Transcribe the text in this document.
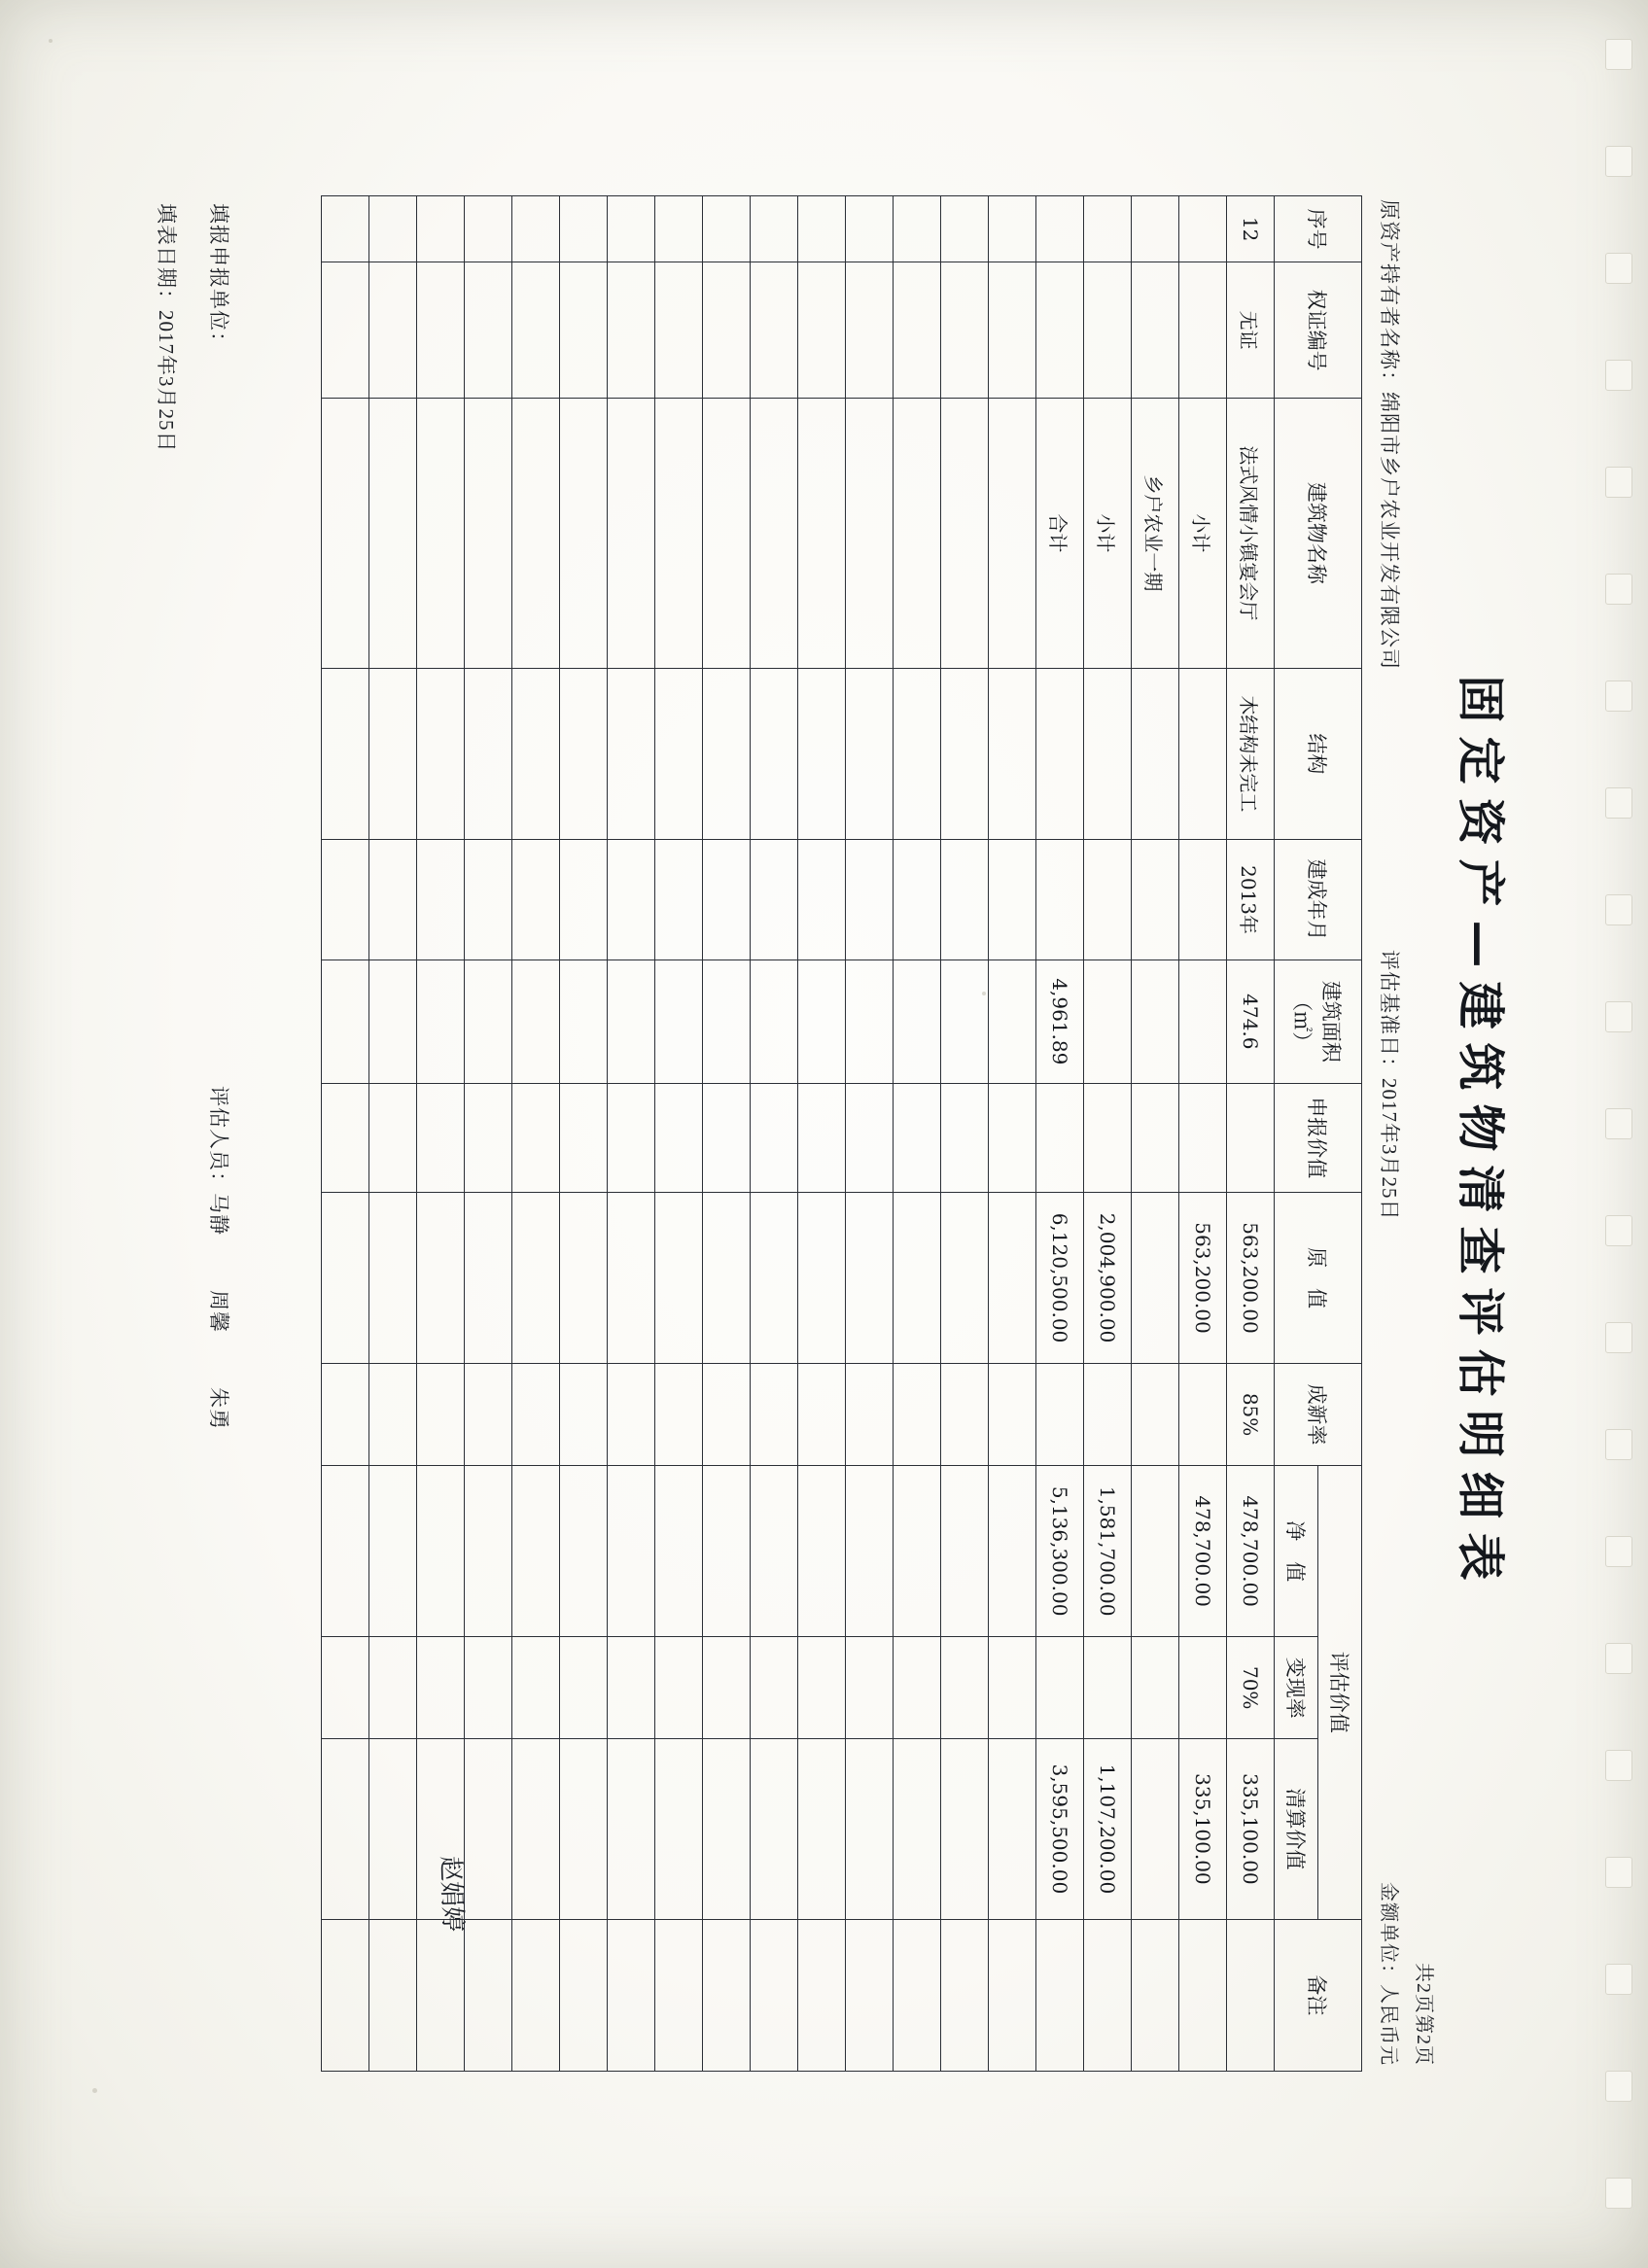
固定资产—建筑物清查评估明细表
原资产持有者名称：绵阳市乡户农业开发有限公司
评估基准日：2017年3月25日
共2页第2页
金额单位：人民币元
序号	权证编号	建筑物名称	结构	建成年月	建筑面积（㎡）	申报价值	原　值	成新率	评估价值			备注
									净　值	变现率	清算价值	
12	无证	法式风情小镇宴会厅	木结构未完工	2013年	474.6		563,200.00	85%	478,700.00	70%	335,100.00	
		小计					563,200.00		478,700.00		335,100.00	
		乡户农业一期										
		小计					2,004,900.00		1,581,700.00		1,107,200.00	
		合计			4,961.89		6,120,500.00		5,136,300.00		3,595,500.00	

赵娟婷
填报申报单位：
填表日期：2017年3月25日
评估人员：马静周馨朱勇
